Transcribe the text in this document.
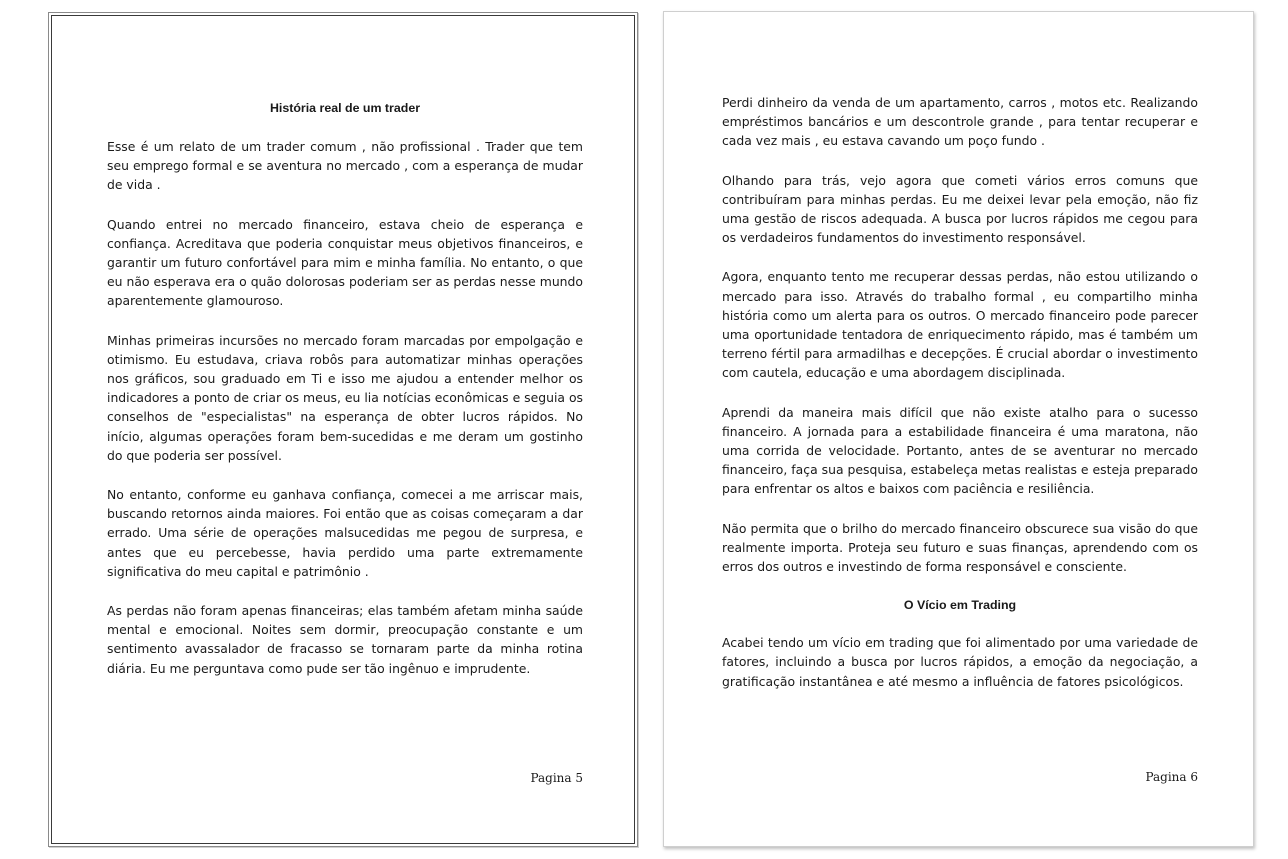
História real de um trader

Esse é um relato de um trader comum , não profissional . Trader que tem seu emprego formal e se aventura no mercado , com a esperança de mudar de vida .

Quando entrei no mercado financeiro, estava cheio de esperança e confiança. Acreditava que poderia conquistar meus objetivos financeiros, e garantir um futuro confortável para mim e minha família. No entanto, o que eu não esperava era o quão dolorosas poderiam ser as perdas nesse mundo aparentemente glamouroso.

Minhas primeiras incursões no mercado foram marcadas por empolgação e otimismo. Eu estudava, criava robôs para automatizar minhas operações nos gráficos, sou graduado em Ti e isso me ajudou a entender melhor os indicadores a ponto de criar os meus, eu lia notícias econômicas e seguia os conselhos de "especialistas" na esperança de obter lucros rápidos. No início, algumas operações foram bem-sucedidas e me deram um gostinho do que poderia ser possível.

No entanto, conforme eu ganhava confiança, comecei a me arriscar mais, buscando retornos ainda maiores. Foi então que as coisas começaram a dar errado. Uma série de operações malsucedidas me pegou de surpresa, e antes que eu percebesse, havia perdido uma parte extremamente significativa do meu capital e patrimônio .

As perdas não foram apenas financeiras; elas também afetam minha saúde mental e emocional. Noites sem dormir, preocupação constante e um sentimento avassalador de fracasso se tornaram parte da minha rotina diária. Eu me perguntava como pude ser tão ingênuo e imprudente.

Pagina 5

Perdi dinheiro da venda de um apartamento, carros , motos etc. Realizando empréstimos bancários e um descontrole grande , para tentar recuperar e cada vez mais , eu estava cavando um poço fundo .

Olhando para trás, vejo agora que cometi vários erros comuns que contribuíram para minhas perdas. Eu me deixei levar pela emoção, não fiz uma gestão de riscos adequada. A busca por lucros rápidos me cegou para os verdadeiros fundamentos do investimento responsável.

Agora, enquanto tento me recuperar dessas perdas, não estou utilizando o mercado para isso. Através do trabalho formal , eu compartilho minha história como um alerta para os outros. O mercado financeiro pode parecer uma oportunidade tentadora de enriquecimento rápido, mas é também um terreno fértil para armadilhas e decepções. É crucial abordar o investimento com cautela, educação e uma abordagem disciplinada.

Aprendi da maneira mais difícil que não existe atalho para o sucesso financeiro. A jornada para a estabilidade financeira é uma maratona, não uma corrida de velocidade. Portanto, antes de se aventurar no mercado financeiro, faça sua pesquisa, estabeleça metas realistas e esteja preparado para enfrentar os altos e baixos com paciência e resiliência.

Não permita que o brilho do mercado financeiro obscurece sua visão do que realmente importa. Proteja seu futuro e suas finanças, aprendendo com os erros dos outros e investindo de forma responsável e consciente.

O Vício em Trading

Acabei tendo um vício em trading que foi alimentado por uma variedade de fatores, incluindo a busca por lucros rápidos, a emoção da negociação, a gratificação instantânea e até mesmo a influência de fatores psicológicos.

Pagina 6
